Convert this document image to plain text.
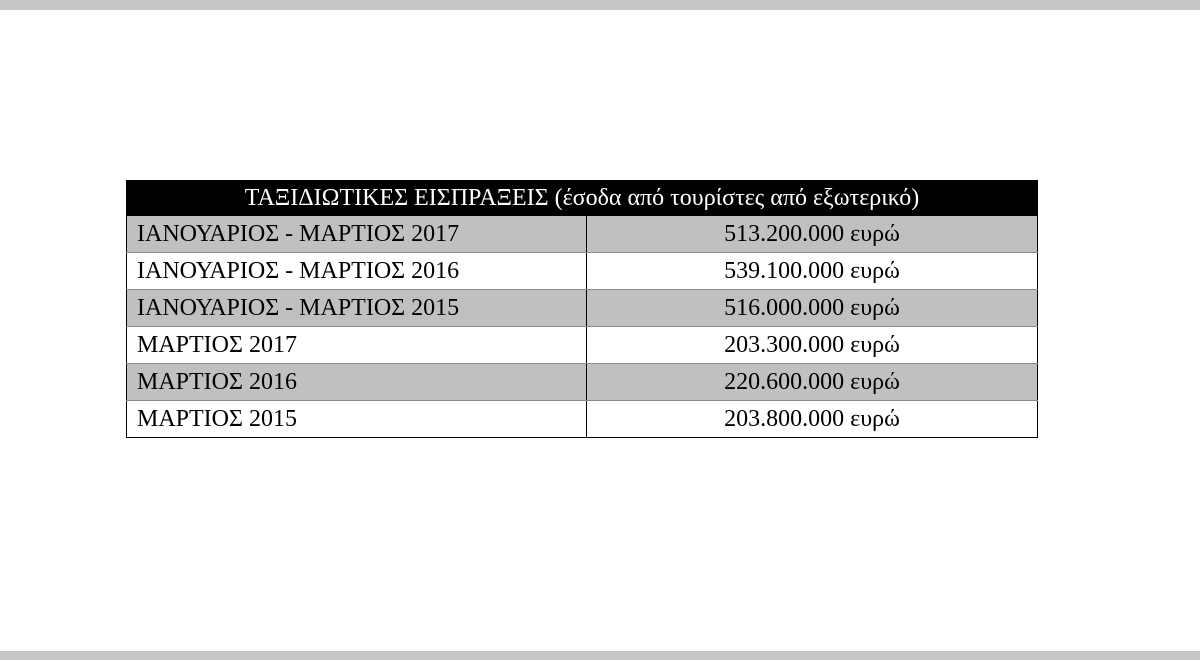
ΤΑΞΙΔΙΩΤΙΚΕΣ ΕΙΣΠΡΑΞΕΙΣ (έσοδα από τουρίστες από εξωτερικό)	
ΙΑΝΟΥΑΡΙΟΣ - ΜΑΡΤΙΟΣ 2017	513.200.000 ευρώ
ΙΑΝΟΥΑΡΙΟΣ - ΜΑΡΤΙΟΣ 2016	539.100.000 ευρώ
ΙΑΝΟΥΑΡΙΟΣ - ΜΑΡΤΙΟΣ 2015	516.000.000 ευρώ
ΜΑΡΤΙΟΣ 2017	203.300.000 ευρώ
ΜΑΡΤΙΟΣ 2016	220.600.000 ευρώ
ΜΑΡΤΙΟΣ 2015	203.800.000 ευρώ
